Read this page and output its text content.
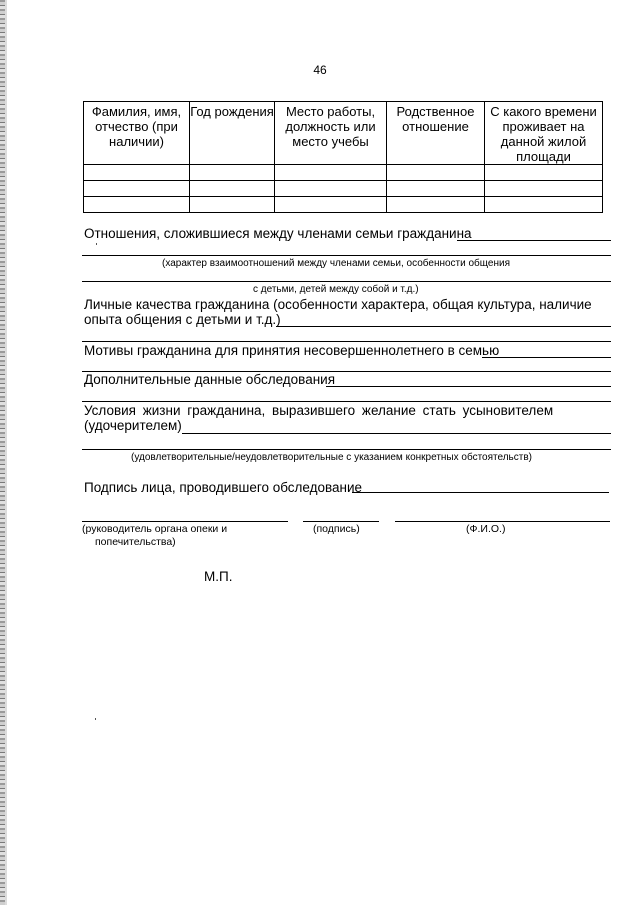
46
Фамилия, имя, отчество (при наличии)	Год рождения	Место работы, должность или место учебы	Родственное отношение	С какого времени проживает на данной жилой площади

Отношения, сложившиеся между членами семьи гражданина
(характер взаимоотношений между членами семьи, особенности общения
с детьми, детей между собой и т.д.)
Личные качества гражданина (особенности характера, общая культура, наличие
опыта общения с детьми и т.д.)
Мотивы гражданина для принятия несовершеннолетнего в семью
Дополнительные данные обследования
Условия жизни гражданина, выразившего желание стать усыновителем
(удочерителем)
(удовлетворительные/неудовлетворительные с указанием конкретных обстоятельств)
Подпись лица, проводившего обследование
(руководитель органа опеки и
попечительства)
(подпись)	(Ф.И.О.)
М.П.
